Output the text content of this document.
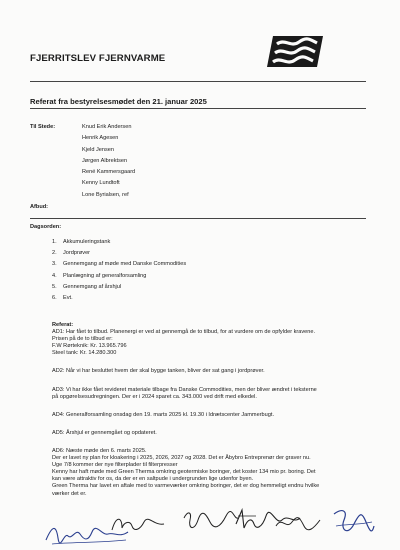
FJERRITSLEV FJERNVARME
Referat fra bestyrelsesmødet den 21. januar 2025
Til Stede:	Knud Erik Andersen
Henrik Agesen
Kjeld Jensen
Jørgen Albrektsen
René Kammersgaard
Kenny Lundtoft
Lone Byrialsen, ref
Afbud:
Dagsorden:
1.	Akkumuleringstank
2.	Jordprøver
3.	Gennemgang af møde med Danske Commodities
4.	Planlægning af generalforsamling
5.	Gennemgang af årshjul
6.	Evt.

Referat:

AD1: Har fået to tilbud. Planenergi er ved at gennemgå de to tilbud, for at vurdere om de opfylder kravene.

Prisen på de to tilbud er:

F.W Rørteknik: Kr. 13.965.796

Steel tank: Kr. 14.280.300

AD2: Når vi har besluttet hvem der skal bygge tanken, bliver der sat gang i jordprøver.

AD3: Vi har ikke fået revideret materiale tilbage fra Danske Commodities, men der bliver ændret i teksterne

på opgøreIsesudregningen. Der er i 2024 sparet ca. 343.000 ved drift med elkedel.

AD4: Generalforsamling onsdag den 19. marts 2025 kl. 19.30 i Idrætscenter Jammerbugt.

AD5: Årshjul er gennemgået og opdateret.

AD6: Næste møde den 6. marts 2025.

Der er lavet ny plan for kloakering i 2025, 2026, 2027 og 2028. Det er Åbybro Entreprenør der graver nu.

Uge 7/8 kommer der nye filterplader til filterpresser

Kenny har haft møde med Green Therma omkring geotermiske boringer, det koster 134 mio pr. boring. Det

kan være attraktiv for os, da der er en saltpude i undergrunden lige udenfor byen.

Green Therma har lavet en aftale med to varmeværker omkring boringer, det er dog hemmeligt endnu hvilke

værker det er.
